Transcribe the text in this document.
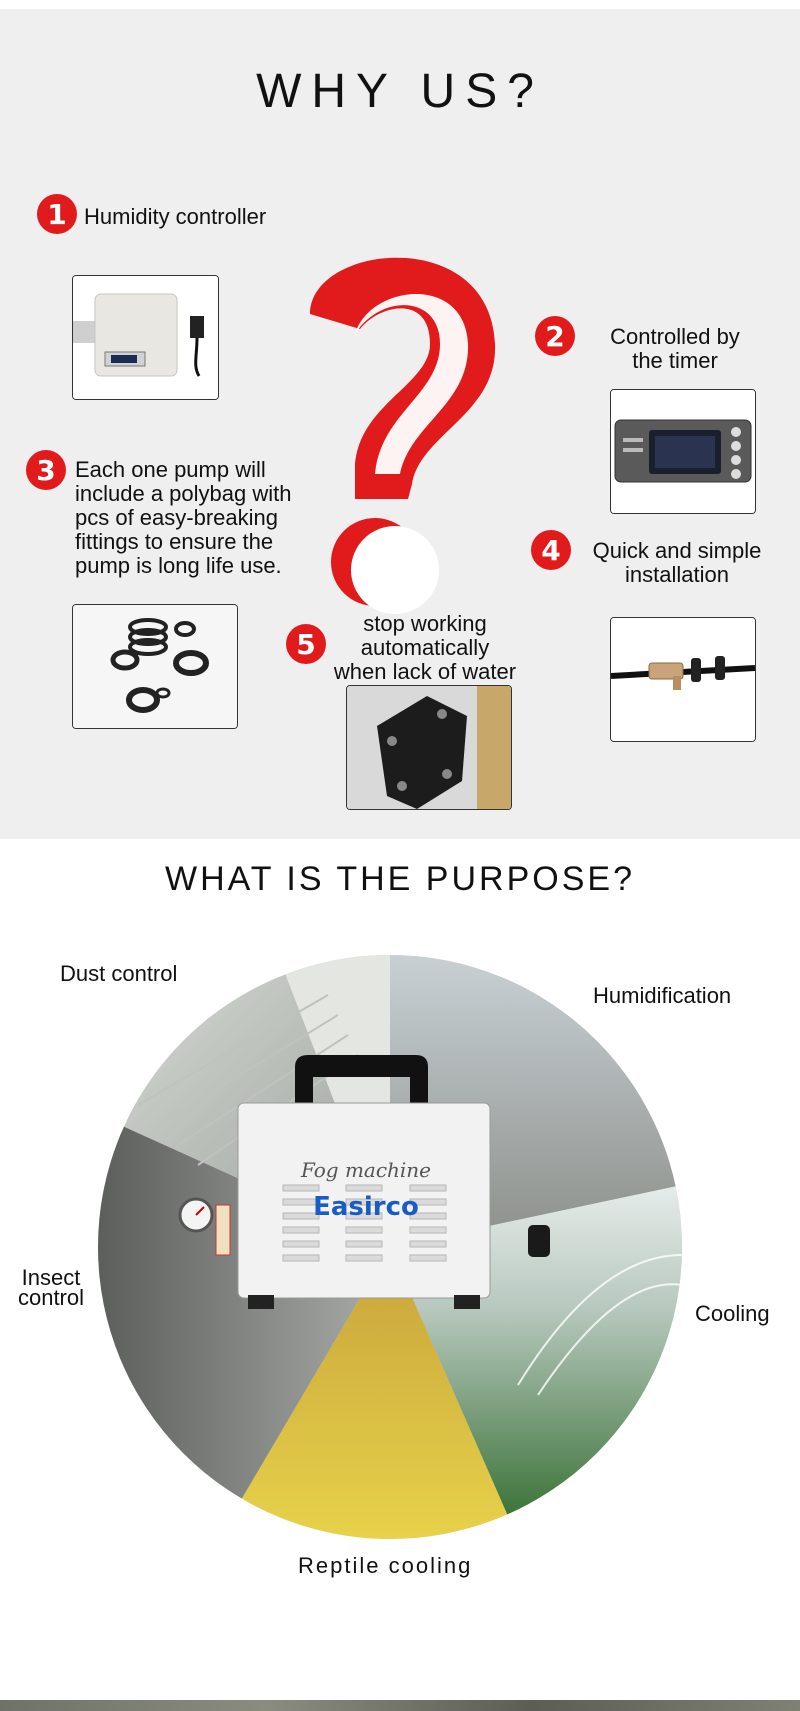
WHY US?
1 Humidity controller
2	Controlled by
the timer
3 Each one pump will
include a polybag with
pcs of easy-breaking
fittings to ensure the
pump is long life use.	4	Quick and simple
installation
5
stop working
automatically
when lack of water
WHAT IS THE PURPOSE?
Dust control
Humidification
Insect
control
Cooling
Reptile cooling
Fog machine
Easirco
